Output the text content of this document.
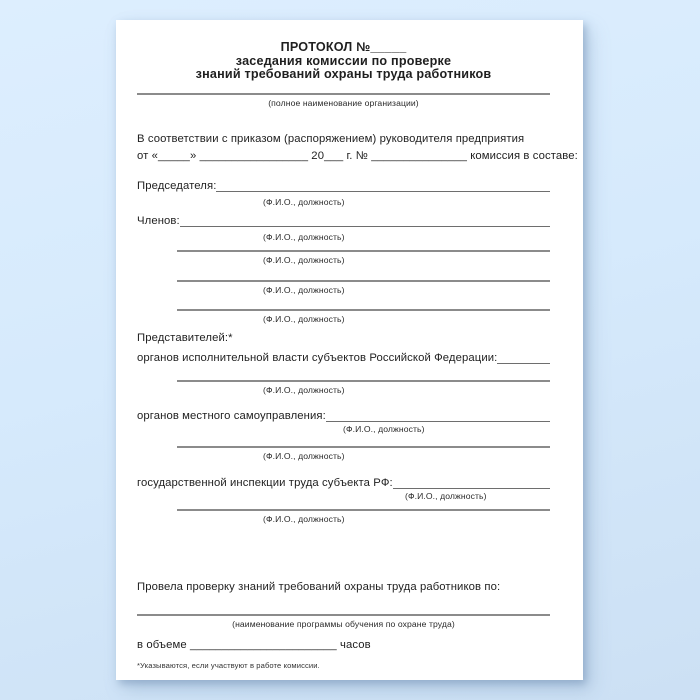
ПРОТОКОЛ №_____
заседания комиссии по проверке
знаний требований охраны труда работников
(полное наименование организации)
В соответствии с приказом (распоряжением) руководителя предприятия
от «_____» _________________ 20___ г. № _______________ комиссия в составе:
Председателя:
(Ф.И.О., должность)
Членов:
(Ф.И.О., должность)
(Ф.И.О., должность)
(Ф.И.О., должность)
(Ф.И.О., должность)
Представителей:*
органов исполнительной власти субъектов Российской Федерации:
(Ф.И.О., должность)
органов местного самоуправления:
(Ф.И.О., должность)
(Ф.И.О., должность)
государственной инспекции труда субъекта РФ:
(Ф.И.О., должность)
(Ф.И.О., должность)
Провела проверку знаний требований охраны труда работников по:
(наименование программы обучения по охране труда)
в объеме _______________________ часов
*Указываются, если участвуют в работе комиссии.
